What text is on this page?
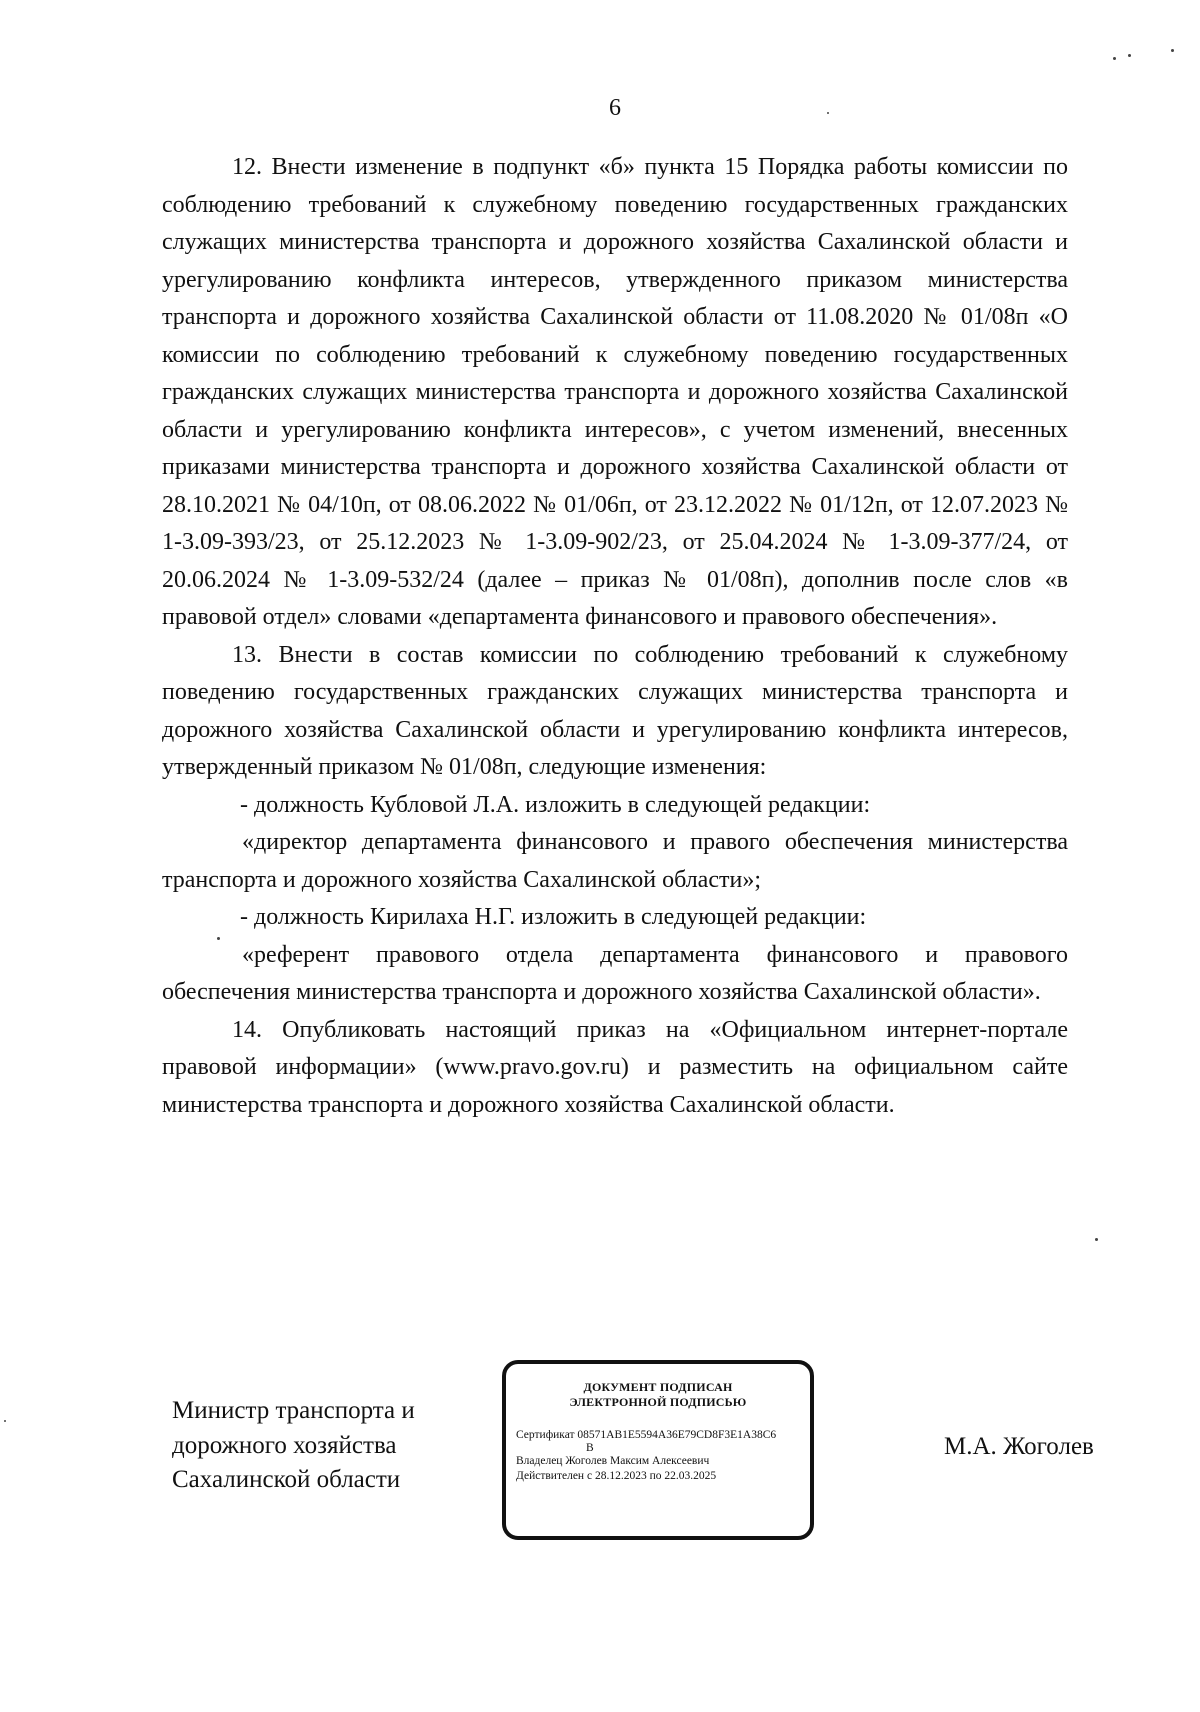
6

12. Внести изменение в подпункт «б» пункта 15 Порядка работы комиссии по соблюдению требований к служебному поведению государственных гражданских служащих министерства транспорта и дорожного хозяйства Сахалинской области и урегулированию конфликта интересов, утвержденного приказом министерства транспорта и дорожного хозяйства Сахалинской области от 11.08.2020 № 01/08п «О комиссии по соблюдению требований к служебному поведению государственных гражданских служащих министерства транспорта и дорожного хозяйства Сахалинской области и урегулированию конфликта интересов», с учетом изменений, внесенных приказами министерства транспорта и дорожного хозяйства Сахалинской области от 28.10.2021 № 04/10п, от 08.06.2022 № 01/06п, от 23.12.2022 № 01/12п, от 12.07.2023 № 1-3.09-393/23, от 25.12.2023 № 1-3.09-902/23, от 25.04.2024 № 1-3.09-377/24, от 20.06.2024 № 1-3.09-532/24 (далее – приказ № 01/08п), дополнив после слов «в правовой отдел» словами «департамента финансового и правового обеспечения».

13. Внести в состав комиссии по соблюдению требований к служебному поведению государственных гражданских служащих министерства транспорта и дорожного хозяйства Сахалинской области и урегулированию конфликта интересов, утвержденный приказом № 01/08п, следующие изменения:

- должность Кубловой Л.А. изложить в следующей редакции:

«директор департамента финансового и правого обеспечения министерства транспорта и дорожного хозяйства Сахалинской области»;

- должность Кирилаха Н.Г. изложить в следующей редакции:

«референт правового отдела департамента финансового и правового обеспечения министерства транспорта и дорожного хозяйства Сахалинской области».

14. Опубликовать настоящий приказ на «Официальном интернет-портале правовой информации» (www.pravo.gov.ru) и разместить на официальном сайте министерства транспорта и дорожного хозяйства Сахалинской области.

Министр транспорта и
дорожного хозяйства
Сахалинской области
ДОКУМЕНТ ПОДПИСАН
ЭЛЕКТРОННОЙ ПОДПИСЬЮ
Сертификат 08571AB1E5594A36E79CD8F3E1A38C6
B
Владелец Жоголев Максим Алексеевич
Действителен с 28.12.2023 по 22.03.2025
М.А. Жоголев
